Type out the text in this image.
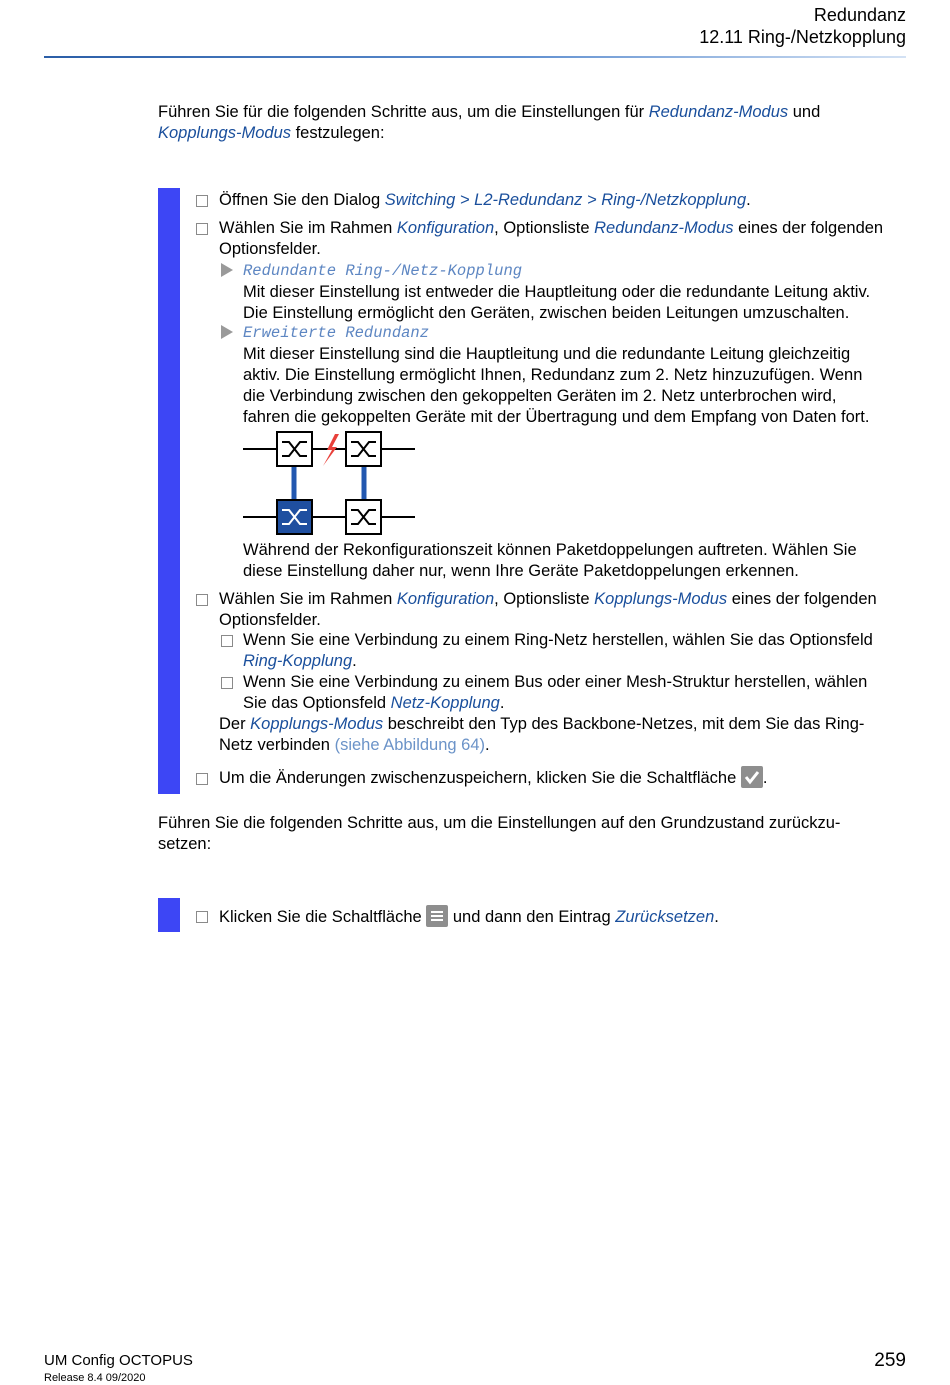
Redundanz
12.11 Ring-/Netzkopplung
Führen Sie für die folgenden Schritte aus, um die Einstellungen für Redundanz-Modus und
Kopplungs-Modus festzulegen:
Öffnen Sie den Dialog Switching > L2-Redundanz > Ring-/Netzkopplung.
Wählen Sie im Rahmen Konfiguration, Optionsliste Redundanz-Modus eines der folgenden
Optionsfelder.
Redundante Ring-/Netz-Kopplung
Mit dieser Einstellung ist entweder die Hauptleitung oder die redundante Leitung aktiv.
Die Einstellung ermöglicht den Geräten, zwischen beiden Leitungen umzuschalten.
Erweiterte Redundanz
Mit dieser Einstellung sind die Hauptleitung und die redundante Leitung gleichzeitig
aktiv. Die Einstellung ermöglicht Ihnen, Redundanz zum 2. Netz hinzuzufügen. Wenn
die Verbindung zwischen den gekoppelten Geräten im 2. Netz unterbrochen wird,
fahren die gekoppelten Geräte mit der Übertragung und dem Empfang von Daten fort.
Während der Rekonfigurationszeit können Paketdoppelungen auftreten. Wählen Sie
diese Einstellung daher nur, wenn Ihre Geräte Paketdoppelungen erkennen.
Wählen Sie im Rahmen Konfiguration, Optionsliste Kopplungs-Modus eines der folgenden
Optionsfelder.
Wenn Sie eine Verbindung zu einem Ring-Netz herstellen, wählen Sie das Optionsfeld
Ring-Kopplung.
Wenn Sie eine Verbindung zu einem Bus oder einer Mesh-Struktur herstellen, wählen
Sie das Optionsfeld Netz-Kopplung.
Der Kopplungs-Modus beschreibt den Typ des Backbone-Netzes, mit dem Sie das Ring-
Netz verbinden (siehe Abbildung 64).
Um die Änderungen zwischenzuspeichern, klicken Sie die Schaltfläche
.
Führen Sie die folgenden Schritte aus, um die Einstellungen auf den Grundzustand zurückzu-
setzen:
Klicken Sie die Schaltfläche
und dann den Eintrag Zurücksetzen.
UM Config OCTOPUS
Release 8.4 09/2020
259
